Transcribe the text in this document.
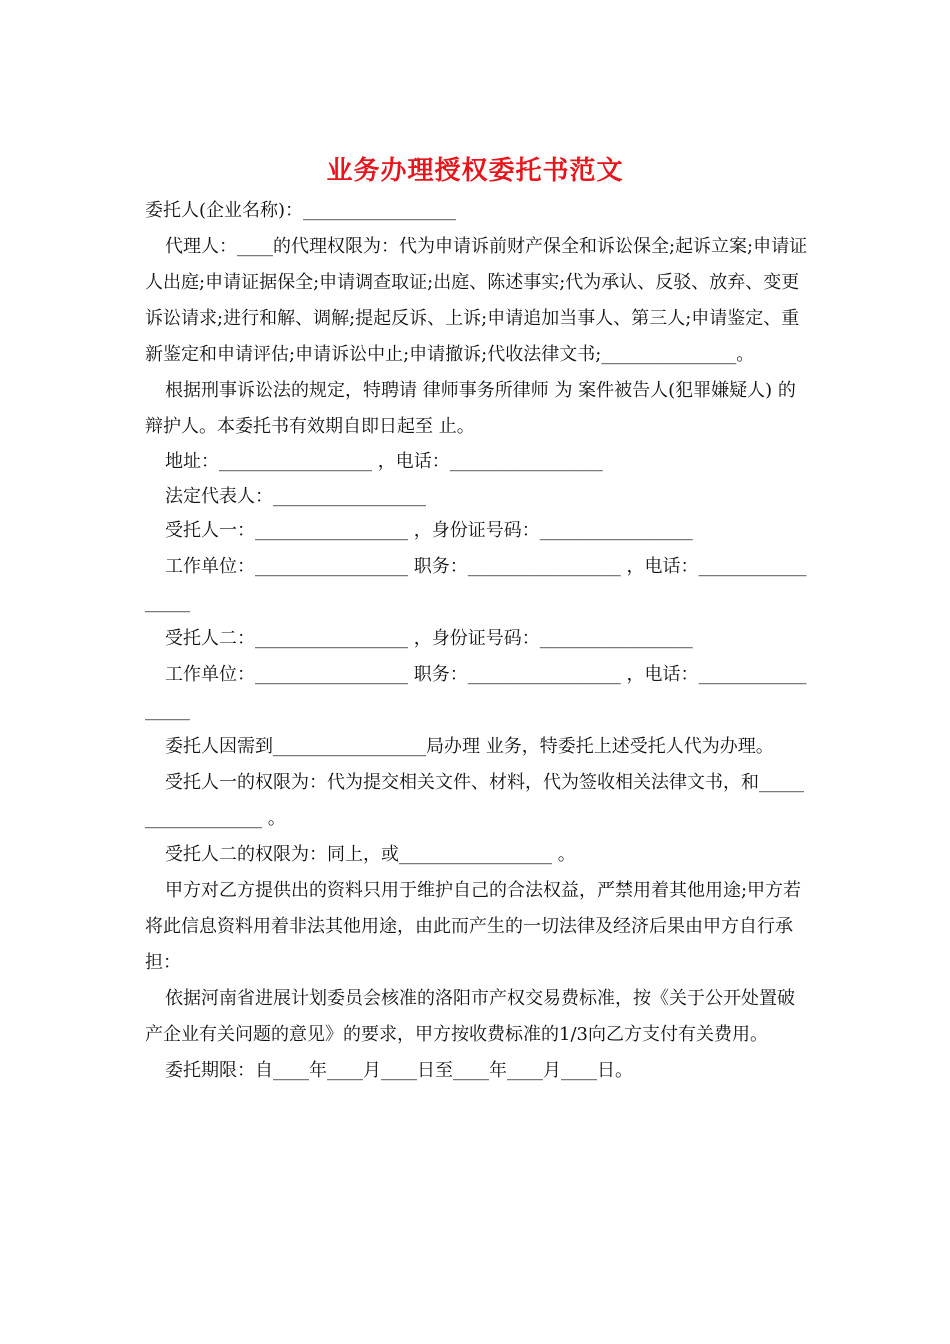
业务办理授权委托书范文

委托人(企业名称)：_________________

代理人：____的代理权限为：代为申请诉前财产保全和诉讼保全;起诉立案;申请证人出庭;申请证据保全;申请调查取证;出庭、陈述事实;代为承认、反驳、放弃、变更诉讼请求;进行和解、调解;提起反诉、上诉;申请追加当事人、第三人;申请鉴定、重新鉴定和申请评估;申请诉讼中止;申请撤诉;代收法律文书;_______________。

根据刑事诉讼法的规定，特聘请 律师事务所律师 为 案件被告人(犯罪嫌疑人) 的辩护人。本委托书有效期自即日起至 止。

地址：_________________ ，电话：_________________

法定代表人：_________________

受托人一：_________________ ，身份证号码：_________________

工作单位：_________________ 职务：_________________ ，电话：_________________

受托人二：_________________ ，身份证号码：_________________

工作单位：_________________ 职务：_________________ ，电话：_________________

委托人因需到_________________局办理 业务，特委托上述受托人代为办理。

受托人一的权限为：代为提交相关文件、材料，代为签收相关法律文书，和__________________ 。

受托人二的权限为：同上，或_________________ 。

甲方对乙方提供出的资料只用于维护自己的合法权益，严禁用着其他用途;甲方若将此信息资料用着非法其他用途，由此而产生的一切法律及经济后果由甲方自行承担：

依据河南省进展计划委员会核准的洛阳市产权交易费标准，按《关于公开处置破产企业有关问题的意见》的要求，甲方按收费标准的1/3向乙方支付有关费用。

委托期限：自____年____月____日至____年____月____日。
